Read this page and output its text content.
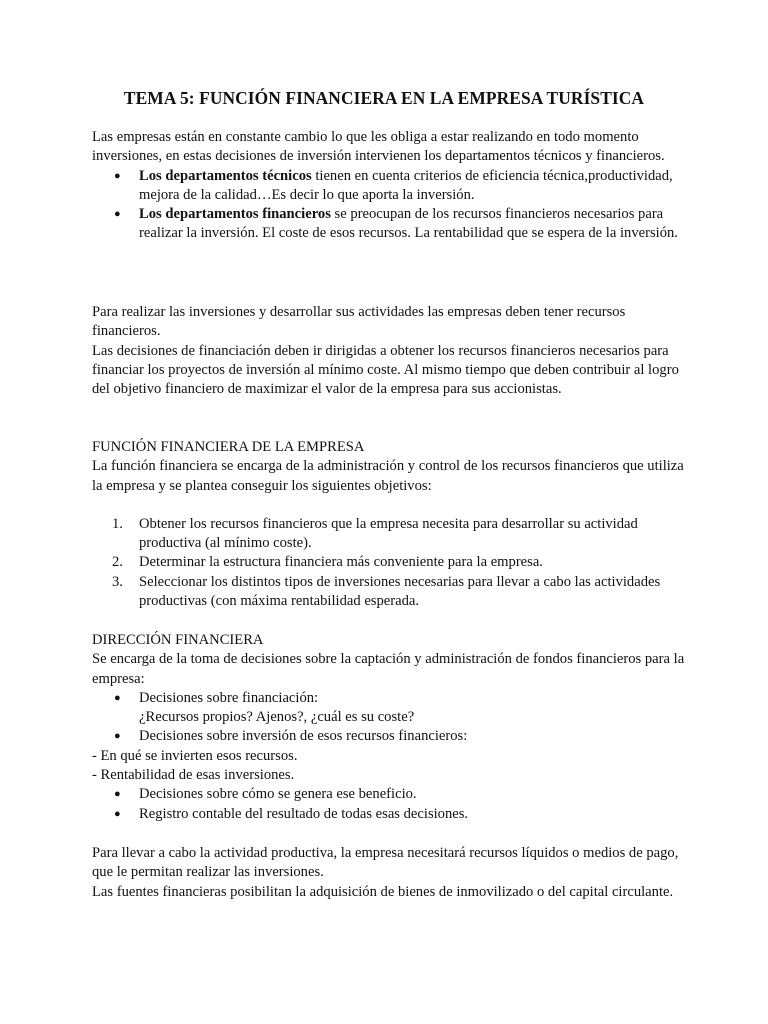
TEMA 5: FUNCIÓN FINANCIERA EN LA EMPRESA TURÍSTICA

Las empresas están en constante cambio lo que les obliga a estar realizando en todo momento inversiones, en estas decisiones de inversión intervienen los departamentos técnicos y financieros.

● Los departamentos técnicos tienen en cuenta criterios de eficiencia técnica,productividad, mejora de la calidad…Es decir lo que aporta la inversión.
● Los departamentos financieros se preocupan de los recursos financieros necesarios para realizar la inversión. El coste de esos recursos. La rentabilidad que se espera de la inversión.

Para realizar las inversiones y desarrollar sus actividades las empresas deben tener recursos financieros.

Las decisiones de financiación deben ir dirigidas a obtener los recursos financieros necesarios para financiar los proyectos de inversión al mínimo coste. Al mismo tiempo que deben contribuir al logro del objetivo financiero de maximizar el valor de la empresa para sus accionistas.

FUNCIÓN FINANCIERA DE LA EMPRESA

La función financiera se encarga de la administración y control de los recursos financieros que utiliza la empresa y se plantea conseguir los siguientes objetivos:

1. Obtener los recursos financieros que la empresa necesita para desarrollar su actividad productiva (al mínimo coste).
2. Determinar la estructura financiera más conveniente para la empresa.
3. Seleccionar los distintos tipos de inversiones necesarias para llevar a cabo las actividades productivas (con máxima rentabilidad esperada.

DIRECCIÓN FINANCIERA

Se encarga de la toma de decisiones sobre la captación y administración de fondos financieros para la empresa:

● Decisiones sobre financiación:
¿Recursos propios? Ajenos?, ¿cuál es su coste?
● Decisiones sobre inversión de esos recursos financieros:

- En qué se invierten esos recursos.

- Rentabilidad de esas inversiones.

● Decisiones sobre cómo se genera ese beneficio.
● Registro contable del resultado de todas esas decisiones.

Para llevar a cabo la actividad productiva, la empresa necesitará recursos líquidos o medios de pago, que le permitan realizar las inversiones.

Las fuentes financieras posibilitan la adquisición de bienes de inmovilizado o del capital circulante.
